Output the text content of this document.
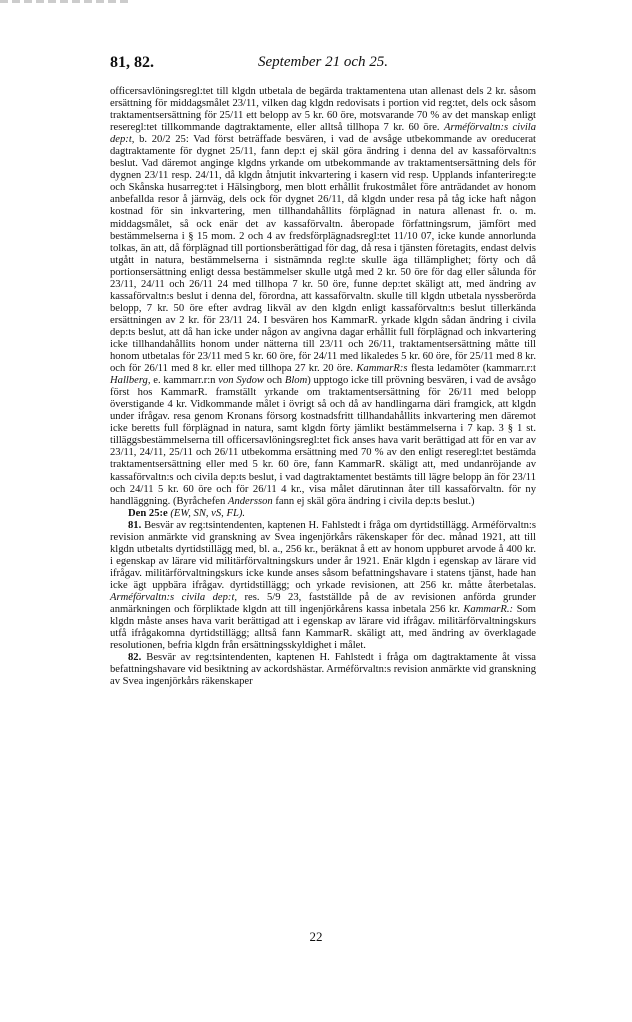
81, 82.	September 21 och 25.

officersavlöningsregl:tet till klgdn utbetala de begärda traktamentena utan allenast dels 2 kr. såsom ersättning för middagsmålet 23/11, vilken dag klgdn redovisats i portion vid reg:tet, dels ock såsom traktamentsersättning för 25/11 ett belopp av 5 kr. 60 öre, motsvarande 70 % av det manskap enligt reseregl:tet tillkommande dagtraktamente, eller alltså tillhopa 7 kr. 60 öre. Arméförvaltn:s civila dep:t, b. 20/2 25: Vad först beträffade besvären, i vad de avsåge utbekommande av oreducerat dagtraktamente för dygnet 25/11, fann dep:t ej skäl göra ändring i denna del av kassaförvaltn:s beslut. Vad däremot anginge klgdns yrkande om utbekommande av traktamentsersättning dels för dygnen 23/11 resp. 24/11, då klgdn åtnjutit inkvartering i kasern vid resp. Upplands infanterireg:te och Skånska husarreg:tet i Hälsingborg, men blott erhållit frukostmålet före anträdandet av honom anbefallda resor å järnväg, dels ock för dygnet 26/11, då klgdn under resa på tåg icke haft någon kostnad för sin inkvartering, men tillhandahållits förplägnad in natura allenast fr. o. m. middagsmålet, så ock enär det av kassaförvaltn. åberopade författningsrum, jämfört med bestämmelserna i § 15 mom. 2 och 4 av fredsförplägnadsregl:tet 11/10 07, icke kunde annorlunda tolkas, än att, då förplägnad till portionsberättigad för dag, då resa i tjänsten företagits, endast delvis utgått in natura, bestämmelserna i sistnämnda regl:te skulle äga tillämplighet; förty och då portionsersättning enligt dessa bestämmelser skulle utgå med 2 kr. 50 öre för dag eller sålunda för 23/11, 24/11 och 26/11 24 med tillhopa 7 kr. 50 öre, funne dep:tet skäligt att, med ändring av kassaförvaltn:s beslut i denna del, förordna, att kassaförvaltn. skulle till klgdn utbetala nyssberörda belopp, 7 kr. 50 öre efter avdrag likväl av den klgdn enligt kassaförvaltn:s beslut tillerkända ersättningen av 2 kr. för 23/11 24. I besvären hos KammarR. yrkade klgdn sådan ändring i civila dep:ts beslut, att då han icke under någon av angivna dagar erhållit full förplägnad och inkvartering icke tillhandahållits honom under nätterna till 23/11 och 26/11, traktamentsersättning måtte till honom utbetalas för 23/11 med 5 kr. 60 öre, för 24/11 med likaledes 5 kr. 60 öre, för 25/11 med 8 kr. och för 26/11 med 8 kr. eller med tillhopa 27 kr. 20 öre. KammarR:s flesta ledamöter (kammarr.r:t Hallberg, e. kammarr.r:n von Sydow och Blom) upptogo icke till prövning besvären, i vad de avsågo först hos KammarR. framställt yrkande om traktamentsersättning för 26/11 med belopp överstigande 4 kr. Vidkommande målet i övrigt så och då av handlingarna däri framgick, att klgdn under ifrågav. resa genom Kronans försorg kostnadsfritt tillhandahållits inkvartering men däremot icke beretts full förplägnad in natura, samt klgdn förty jämlikt bestämmelserna i 7 kap. 3 § 1 st. tilläggsbestämmelserna till officersavlöningsregl:tet fick anses hava varit berättigad att för en var av 23/11, 24/11, 25/11 och 26/11 utbekomma ersättning med 70 % av den enligt reseregl:tet bestämda traktamentsersättning eller med 5 kr. 60 öre, fann KammarR. skäligt att, med undanröjande av kassaförvaltn:s och civila dep:ts beslut, i vad dagtraktamentet bestämts till lägre belopp än för 23/11 och 24/11 5 kr. 60 öre och för 26/11 4 kr., visa målet därutinnan åter till kassaförvaltn. för ny handläggning. (Byråchefen Andersson fann ej skäl göra ändring i civila dep:ts beslut.)

Den 25:e (EW, SN, vS, FL).

81. Besvär av reg:tsintendenten, kaptenen H. Fahlstedt i fråga om dyrtidstillägg. Arméförvaltn:s revision anmärkte vid granskning av Svea ingenjörkårs räkenskaper för dec. månad 1921, att till klgdn utbetalts dyrtidstillägg med, bl. a., 256 kr., beräknat å ett av honom uppburet arvode å 400 kr. i egenskap av lärare vid militärförvaltningskurs under år 1921. Enär klgdn i egenskap av lärare vid ifrågav. militärförvaltningskurs icke kunde anses såsom befattningshavare i statens tjänst, hade han icke ägt uppbära ifrågav. dyrtidstillägg; och yrkade revisionen, att 256 kr. måtte återbetalas. Arméförvaltn:s civila dep:t, res. 5/9 23, fastställde på de av revisionen anförda grunder anmärkningen och förpliktade klgdn att till ingenjörkårens kassa inbetala 256 kr. KammarR.: Som klgdn måste anses hava varit berättigad att i egenskap av lärare vid ifrågav. militärförvaltningskurs utfå ifrågakomna dyrtidstillägg; alltså fann KammarR. skäligt att, med ändring av överklagade resolutionen, befria klgdn från ersättningsskyldighet i målet.

82. Besvär av reg:tsintendenten, kaptenen H. Fahlstedt i fråga om dagtraktamente åt vissa befattningshavare vid besiktning av ackordshästar. Arméförvaltn:s revision anmärkte vid granskning av Svea ingenjörkårs räkenskaper

22
